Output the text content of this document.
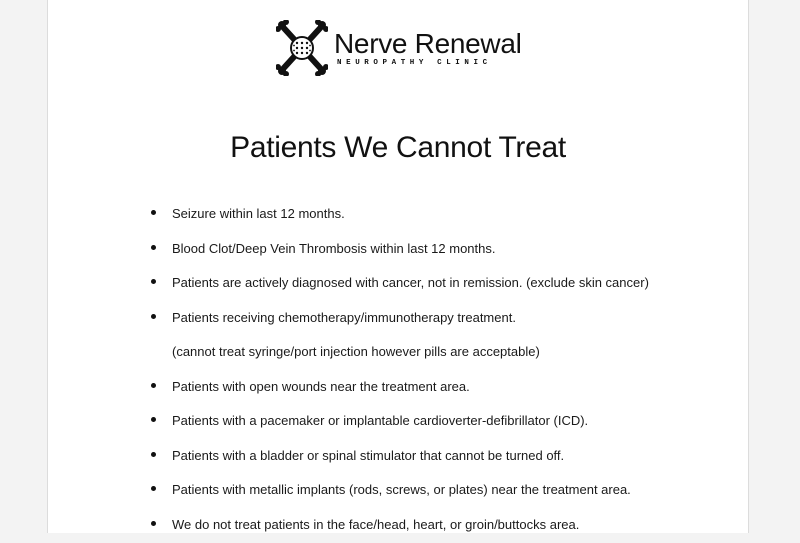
Nerve Renewal
NEUROPATHY CLINIC
Patients We Cannot Treat
Seizure within last 12 months.
Blood Clot/Deep Vein Thrombosis within last 12 months.
Patients are actively diagnosed with cancer, not in remission. (exclude skin cancer)
Patients receiving chemotherapy/immunotherapy treatment.
(cannot treat syringe/port injection however pills are acceptable)
Patients with open wounds near the treatment area.
Patients with a pacemaker or implantable cardioverter-defibrillator (ICD).
Patients with a bladder or spinal stimulator that cannot be turned off.
Patients with metallic implants (rods, screws, or plates) near the treatment area.
We do not treat patients in the face/head, heart, or groin/buttocks area.
